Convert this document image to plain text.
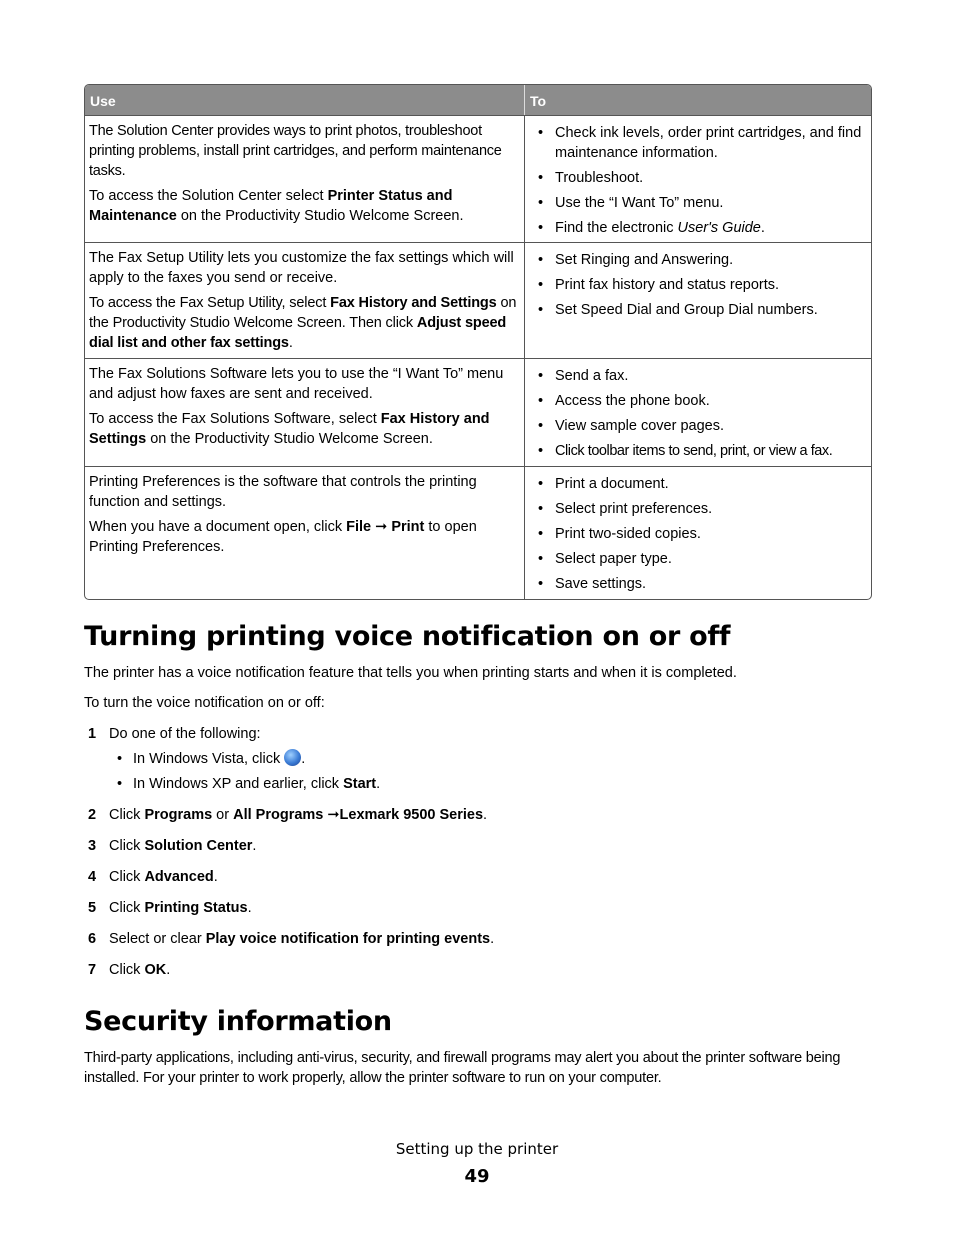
Use	To

The Solution Center provides ways to print photos, troubleshoot printing problems, install print cartridges, and perform maintenance tasks.

To access the Solution Center select Printer Status and Maintenance on the Productivity Studio Welcome Screen.

• Check ink levels, order print cartridges, and find maintenance information.
• Troubleshoot.
• Use the “I Want To” menu.
• Find the electronic User's Guide.

The Fax Setup Utility lets you customize the fax settings which will apply to the faxes you send or receive.

To access the Fax Setup Utility, select Fax History and Settings on the Productivity Studio Welcome Screen. Then click Adjust speed dial list and other fax settings.

• Set Ringing and Answering.
• Print fax history and status reports.
• Set Speed Dial and Group Dial numbers.

The Fax Solutions Software lets you to use the “I Want To” menu and adjust how faxes are sent and received.

To access the Fax Solutions Software, select Fax History and Settings on the Productivity Studio Welcome Screen.

• Send a fax.
• Access the phone book.
• View sample cover pages.
• Click toolbar items to send, print, or view a fax.

Printing Preferences is the software that controls the printing function and settings.

When you have a document open, click File ➞ Print to open Printing Preferences.

• Print a document.
• Select print preferences.
• Print two-sided copies.
• Select paper type.
• Save settings.
Turning printing voice notification on or off

The printer has a voice notification feature that tells you when printing starts and when it is completed.

To turn the voice notification on or off:

1 Do one of the following:
• In Windows Vista, click .
• In Windows XP and earlier, click Start.
2 Click Programs or All Programs ➞Lexmark 9500 Series.
3 Click Solution Center.
4 Click Advanced.
5 Click Printing Status.
6 Select or clear Play voice notification for printing events.
7 Click OK.
Security information

Third-party applications, including anti-virus, security, and firewall programs may alert you about the printer software being installed. For your printer to work properly, allow the printer software to run on your computer.

Setting up the printer
49
